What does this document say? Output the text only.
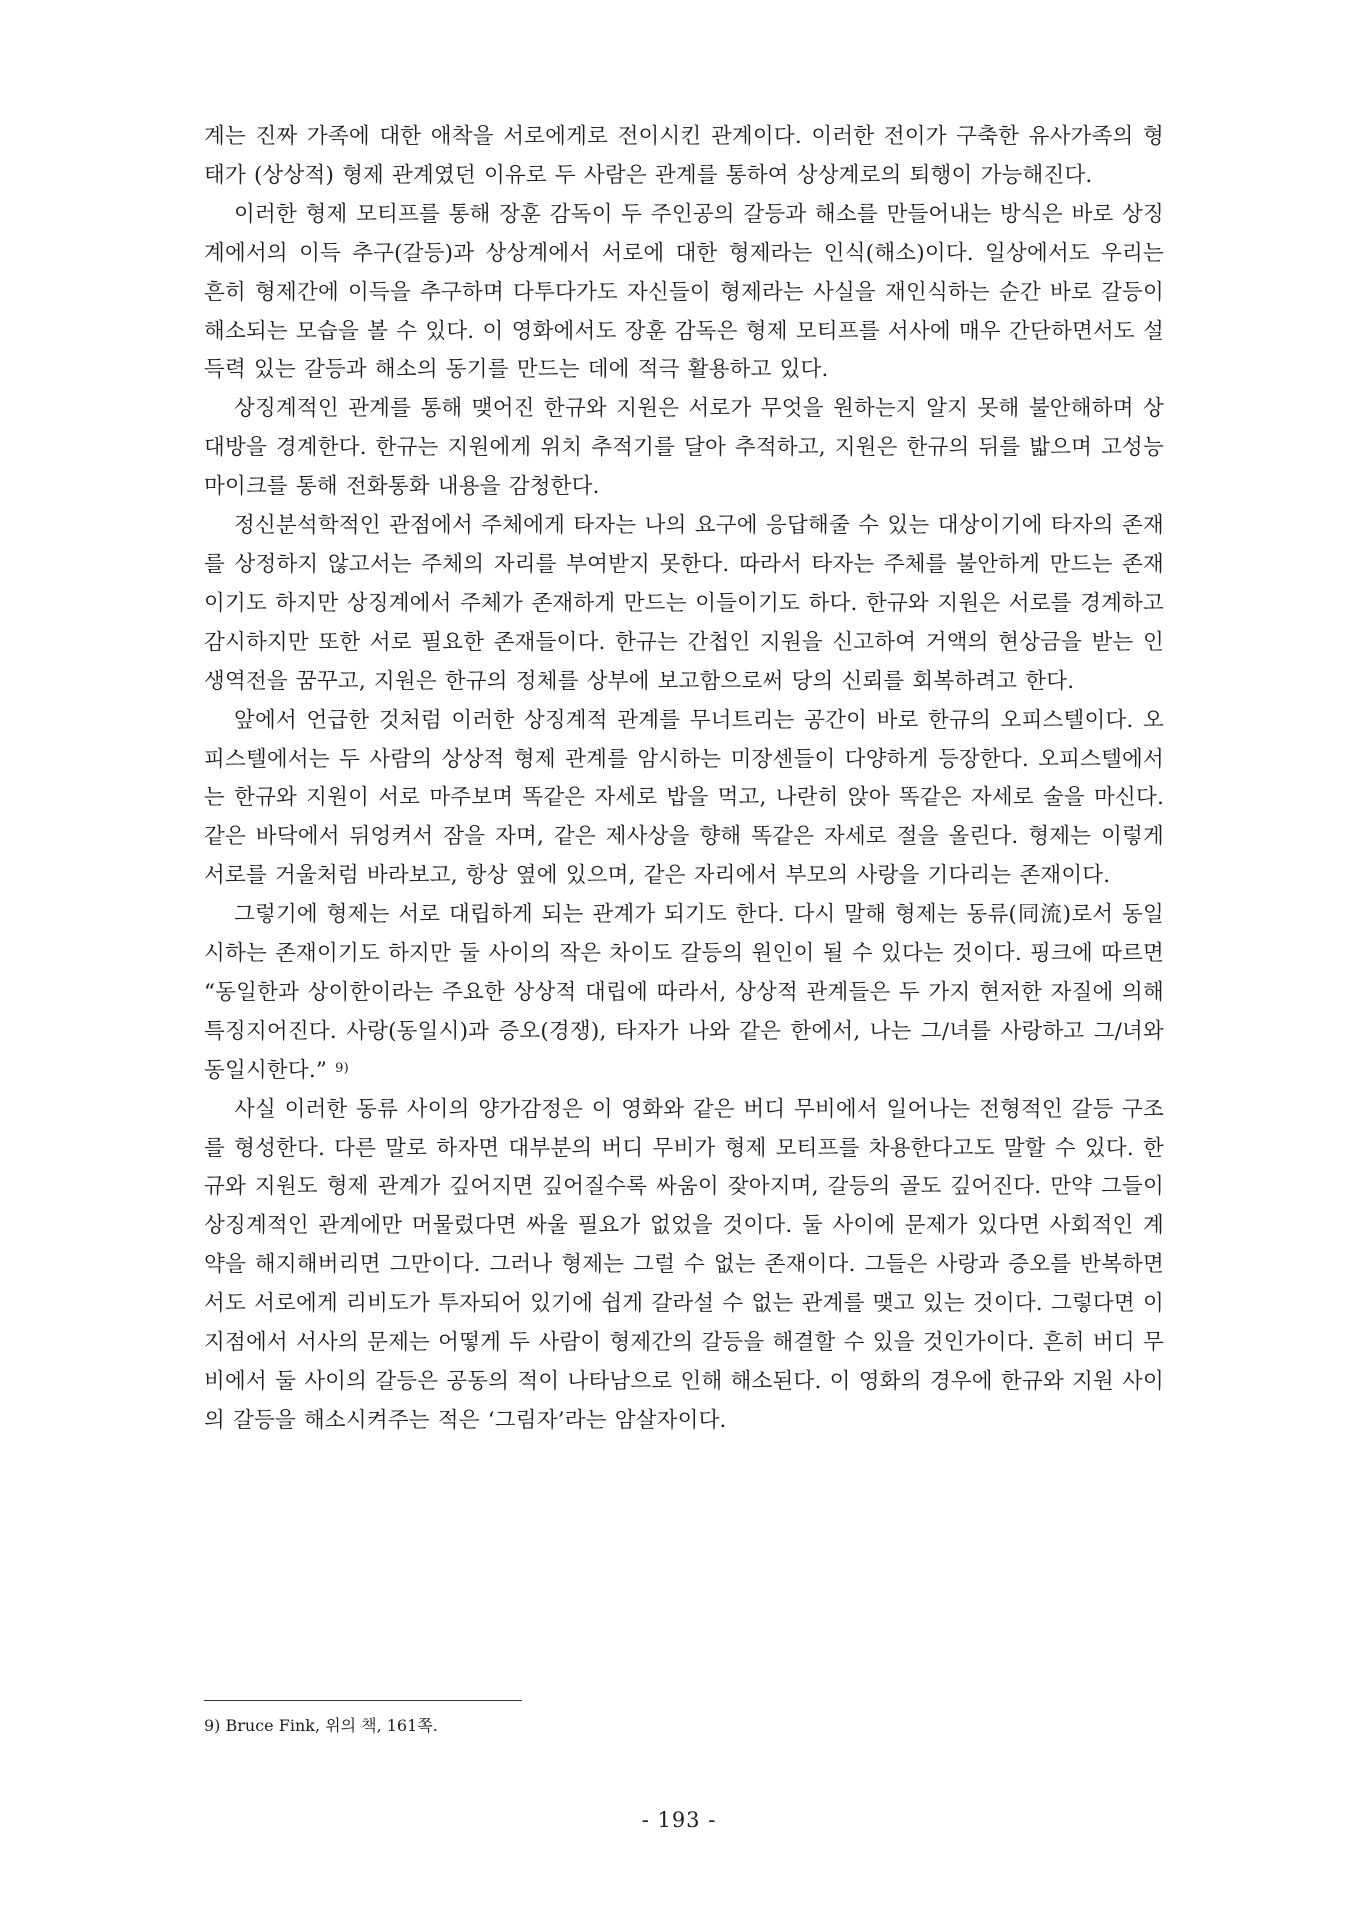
계는 진짜 가족에 대한 애착을 서로에게로 전이시킨 관계이다. 이러한 전이가 구축한 유사가족의 형태가 (상상적) 형제 관계였던 이유로 두 사람은 관계를 통하여 상상계로의 퇴행이 가능해진다.

이러한 형제 모티프를 통해 장훈 감독이 두 주인공의 갈등과 해소를 만들어내는 방식은 바로 상징계에서의 이득 추구(갈등)과 상상계에서 서로에 대한 형제라는 인식(해소)이다. 일상에서도 우리는 흔히 형제간에 이득을 추구하며 다투다가도 자신들이 형제라는 사실을 재인식하는 순간 바로 갈등이 해소되는 모습을 볼 수 있다. 이 영화에서도 장훈 감독은 형제 모티프를 서사에 매우 간단하면서도 설득력 있는 갈등과 해소의 동기를 만드는 데에 적극 활용하고 있다.

상징계적인 관계를 통해 맺어진 한규와 지원은 서로가 무엇을 원하는지 알지 못해 불안해하며 상대방을 경계한다. 한규는 지원에게 위치 추적기를 달아 추적하고, 지원은 한규의 뒤를 밟으며 고성능 마이크를 통해 전화통화 내용을 감청한다.

정신분석학적인 관점에서 주체에게 타자는 나의 요구에 응답해줄 수 있는 대상이기에 타자의 존재를 상정하지 않고서는 주체의 자리를 부여받지 못한다. 따라서 타자는 주체를 불안하게 만드는 존재이기도 하지만 상징계에서 주체가 존재하게 만드는 이들이기도 하다. 한규와 지원은 서로를 경계하고 감시하지만 또한 서로 필요한 존재들이다. 한규는 간첩인 지원을 신고하여 거액의 현상금을 받는 인생역전을 꿈꾸고, 지원은 한규의 정체를 상부에 보고함으로써 당의 신뢰를 회복하려고 한다.

앞에서 언급한 것처럼 이러한 상징계적 관계를 무너트리는 공간이 바로 한규의 오피스텔이다. 오피스텔에서는 두 사람의 상상적 형제 관계를 암시하는 미장센들이 다양하게 등장한다. 오피스텔에서는 한규와 지원이 서로 마주보며 똑같은 자세로 밥을 먹고, 나란히 앉아 똑같은 자세로 술을 마신다. 같은 바닥에서 뒤엉켜서 잠을 자며, 같은 제사상을 향해 똑같은 자세로 절을 올린다. 형제는 이렇게 서로를 거울처럼 바라보고, 항상 옆에 있으며, 같은 자리에서 부모의 사랑을 기다리는 존재이다.

그렇기에 형제는 서로 대립하게 되는 관계가 되기도 한다. 다시 말해 형제는 동류(同流)로서 동일시하는 존재이기도 하지만 둘 사이의 작은 차이도 갈등의 원인이 될 수 있다는 것이다. 핑크에 따르면 “동일한과 상이한이라는 주요한 상상적 대립에 따라서, 상상적 관계들은 두 가지 현저한 자질에 의해 특징지어진다. 사랑(동일시)과 증오(경쟁), 타자가 나와 같은 한에서, 나는 그/녀를 사랑하고 그/녀와 동일시한다.” $^{9)}$

사실 이러한 동류 사이의 양가감정은 이 영화와 같은 버디 무비에서 일어나는 전형적인 갈등 구조를 형성한다. 다른 말로 하자면 대부분의 버디 무비가 형제 모티프를 차용한다고도 말할 수 있다. 한규와 지원도 형제 관계가 깊어지면 깊어질수록 싸움이 잦아지며, 갈등의 골도 깊어진다. 만약 그들이 상징계적인 관계에만 머물렀다면 싸울 필요가 없었을 것이다. 둘 사이에 문제가 있다면 사회적인 계약을 해지해버리면 그만이다. 그러나 형제는 그럴 수 없는 존재이다. 그들은 사랑과 증오를 반복하면서도 서로에게 리비도가 투자되어 있기에 쉽게 갈라설 수 없는 관계를 맺고 있는 것이다. 그렇다면 이 지점에서 서사의 문제는 어떻게 두 사람이 형제간의 갈등을 해결할 수 있을 것인가이다. 흔히 버디 무비에서 둘 사이의 갈등은 공동의 적이 나타남으로 인해 해소된다. 이 영화의 경우에 한규와 지원 사이의 갈등을 해소시켜주는 적은 ‘그림자’라는 암살자이다.

9) Bruce Fink, 위의 책, 161쪽.
- 193 -
